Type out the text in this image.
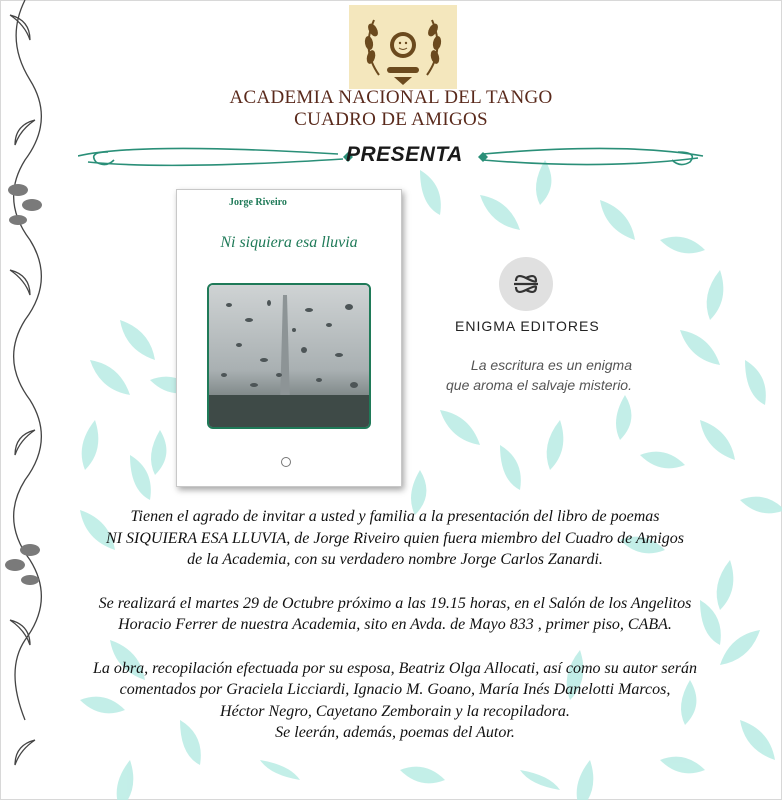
ACADEMIA NACIONAL DEL TANGO
CUADRO DE AMIGOS
PRESENTA
Jorge Riveiro
Ni siquiera esa lluvia
ENIGMA EDITORES
La escritura es un enigma
que aroma el salvaje misterio.
Tienen el agrado de invitar a usted y familia a la presentación del libro de poemas
NI SIQUIERA ESA LLUVIA, de Jorge Riveiro quien fuera miembro del Cuadro de Amigos
de la Academia, con su verdadero nombre Jorge Carlos Zanardi.
Se realizará el martes 29 de Octubre próximo a las 19.15 horas, en el Salón de los Angelitos
Horacio Ferrer de nuestra Academia, sito en Avda. de Mayo 833 , primer piso, CABA.
La obra, recopilación efectuada por su esposa, Beatriz Olga Allocati, así como su autor serán
comentados por Graciela Licciardi, Ignacio M. Goano, María Inés Danelotti Marcos,
Héctor Negro, Cayetano Zemborain y la recopiladora.
Se leerán, además, poemas del Autor.
